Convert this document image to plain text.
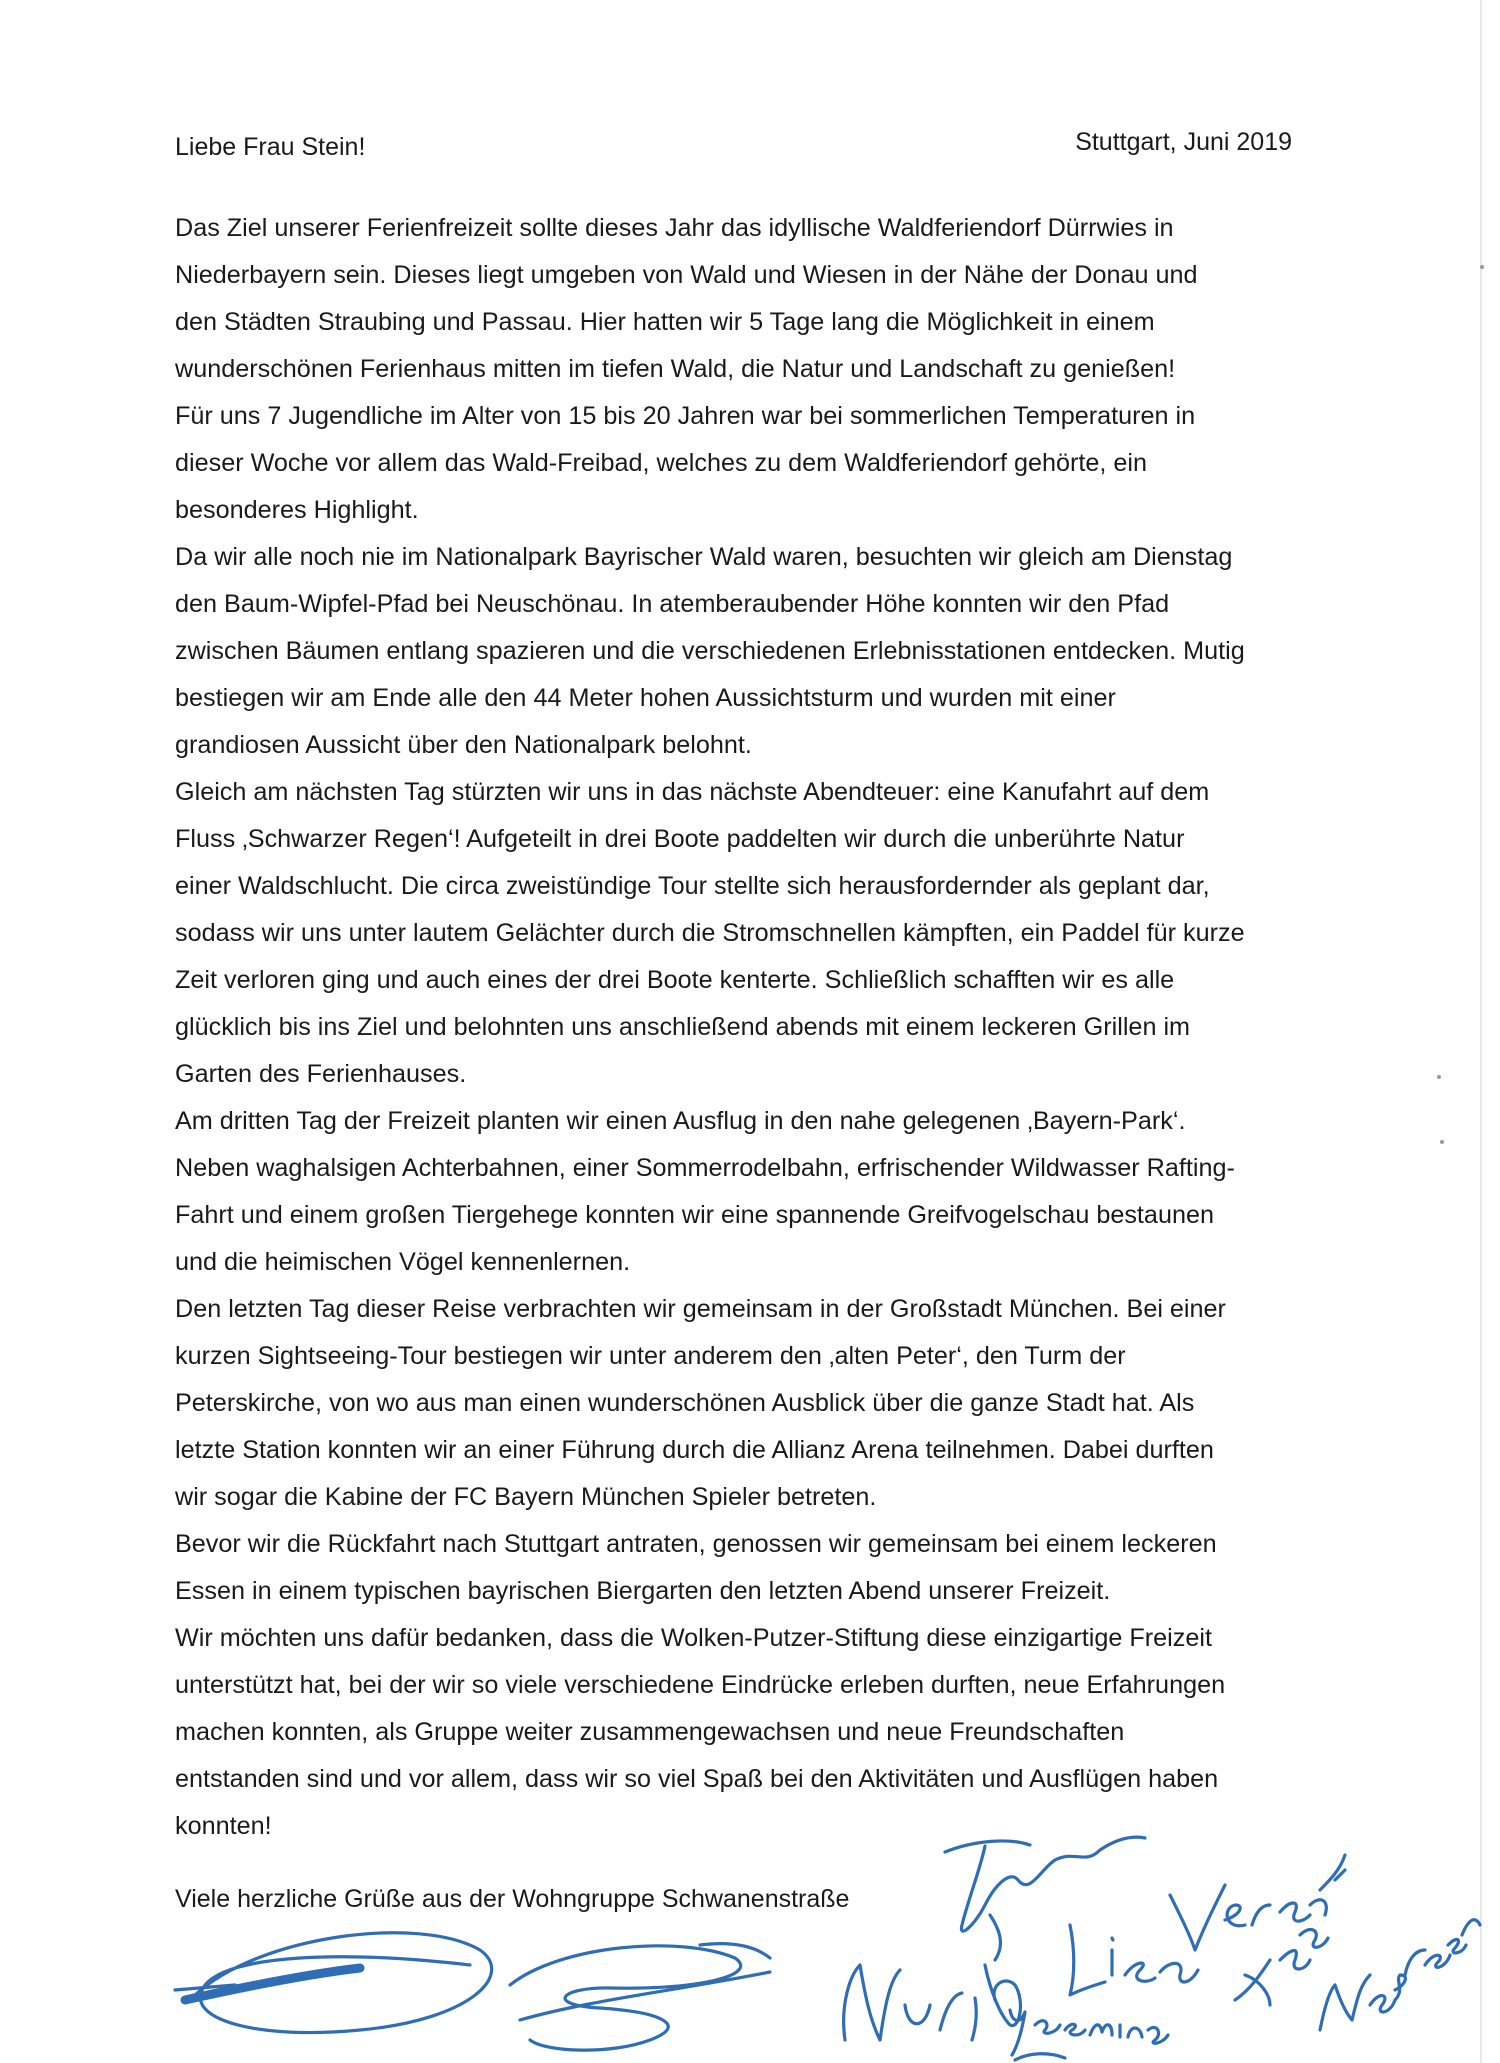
Liebe Frau Stein!	Stuttgart, Juni 2019

Das Ziel unserer Ferienfreizeit sollte dieses Jahr das idyllische Waldferiendorf Dürrwies in

Niederbayern sein. Dieses liegt umgeben von Wald und Wiesen in der Nähe der Donau und

den Städten Straubing und Passau. Hier hatten wir 5 Tage lang die Möglichkeit in einem

wunderschönen Ferienhaus mitten im tiefen Wald, die Natur und Landschaft zu genießen!

Für uns 7 Jugendliche im Alter von 15 bis 20 Jahren war bei sommerlichen Temperaturen in

dieser Woche vor allem das Wald-Freibad, welches zu dem Waldferiendorf gehörte, ein

besonderes Highlight.

Da wir alle noch nie im Nationalpark Bayrischer Wald waren, besuchten wir gleich am Dienstag

den Baum-Wipfel-Pfad bei Neuschönau. In atemberaubender Höhe konnten wir den Pfad

zwischen Bäumen entlang spazieren und die verschiedenen Erlebnisstationen entdecken. Mutig

bestiegen wir am Ende alle den 44 Meter hohen Aussichtsturm und wurden mit einer

grandiosen Aussicht über den Nationalpark belohnt.

Gleich am nächsten Tag stürzten wir uns in das nächste Abendteuer: eine Kanufahrt auf dem

Fluss ‚Schwarzer Regen‘! Aufgeteilt in drei Boote paddelten wir durch die unberührte Natur

einer Waldschlucht. Die circa zweistündige Tour stellte sich herausfordernder als geplant dar,

sodass wir uns unter lautem Gelächter durch die Stromschnellen kämpften, ein Paddel für kurze

Zeit verloren ging und auch eines der drei Boote kenterte. Schließlich schafften wir es alle

glücklich bis ins Ziel und belohnten uns anschließend abends mit einem leckeren Grillen im

Garten des Ferienhauses.

Am dritten Tag der Freizeit planten wir einen Ausflug in den nahe gelegenen ‚Bayern-Park‘.

Neben waghalsigen Achterbahnen, einer Sommerrodelbahn, erfrischender Wildwasser Rafting-

Fahrt und einem großen Tiergehege konnten wir eine spannende Greifvogelschau bestaunen

und die heimischen Vögel kennenlernen.

Den letzten Tag dieser Reise verbrachten wir gemeinsam in der Großstadt München. Bei einer

kurzen Sightseeing-Tour bestiegen wir unter anderem den ‚alten Peter‘, den Turm der

Peterskirche, von wo aus man einen wunderschönen Ausblick über die ganze Stadt hat. Als

letzte Station konnten wir an einer Führung durch die Allianz Arena teilnehmen. Dabei durften

wir sogar die Kabine der FC Bayern München Spieler betreten.

Bevor wir die Rückfahrt nach Stuttgart antraten, genossen wir gemeinsam bei einem leckeren

Essen in einem typischen bayrischen Biergarten den letzten Abend unserer Freizeit.

Wir möchten uns dafür bedanken, dass die Wolken-Putzer-Stiftung diese einzigartige Freizeit

unterstützt hat, bei der wir so viele verschiedene Eindrücke erleben durften, neue Erfahrungen

machen konnten, als Gruppe weiter zusammengewachsen und neue Freundschaften

entstanden sind und vor allem, dass wir so viel Spaß bei den Aktivitäten und Ausflügen haben

konnten!

Viele herzliche Grüße aus der Wohngruppe Schwanenstraße
